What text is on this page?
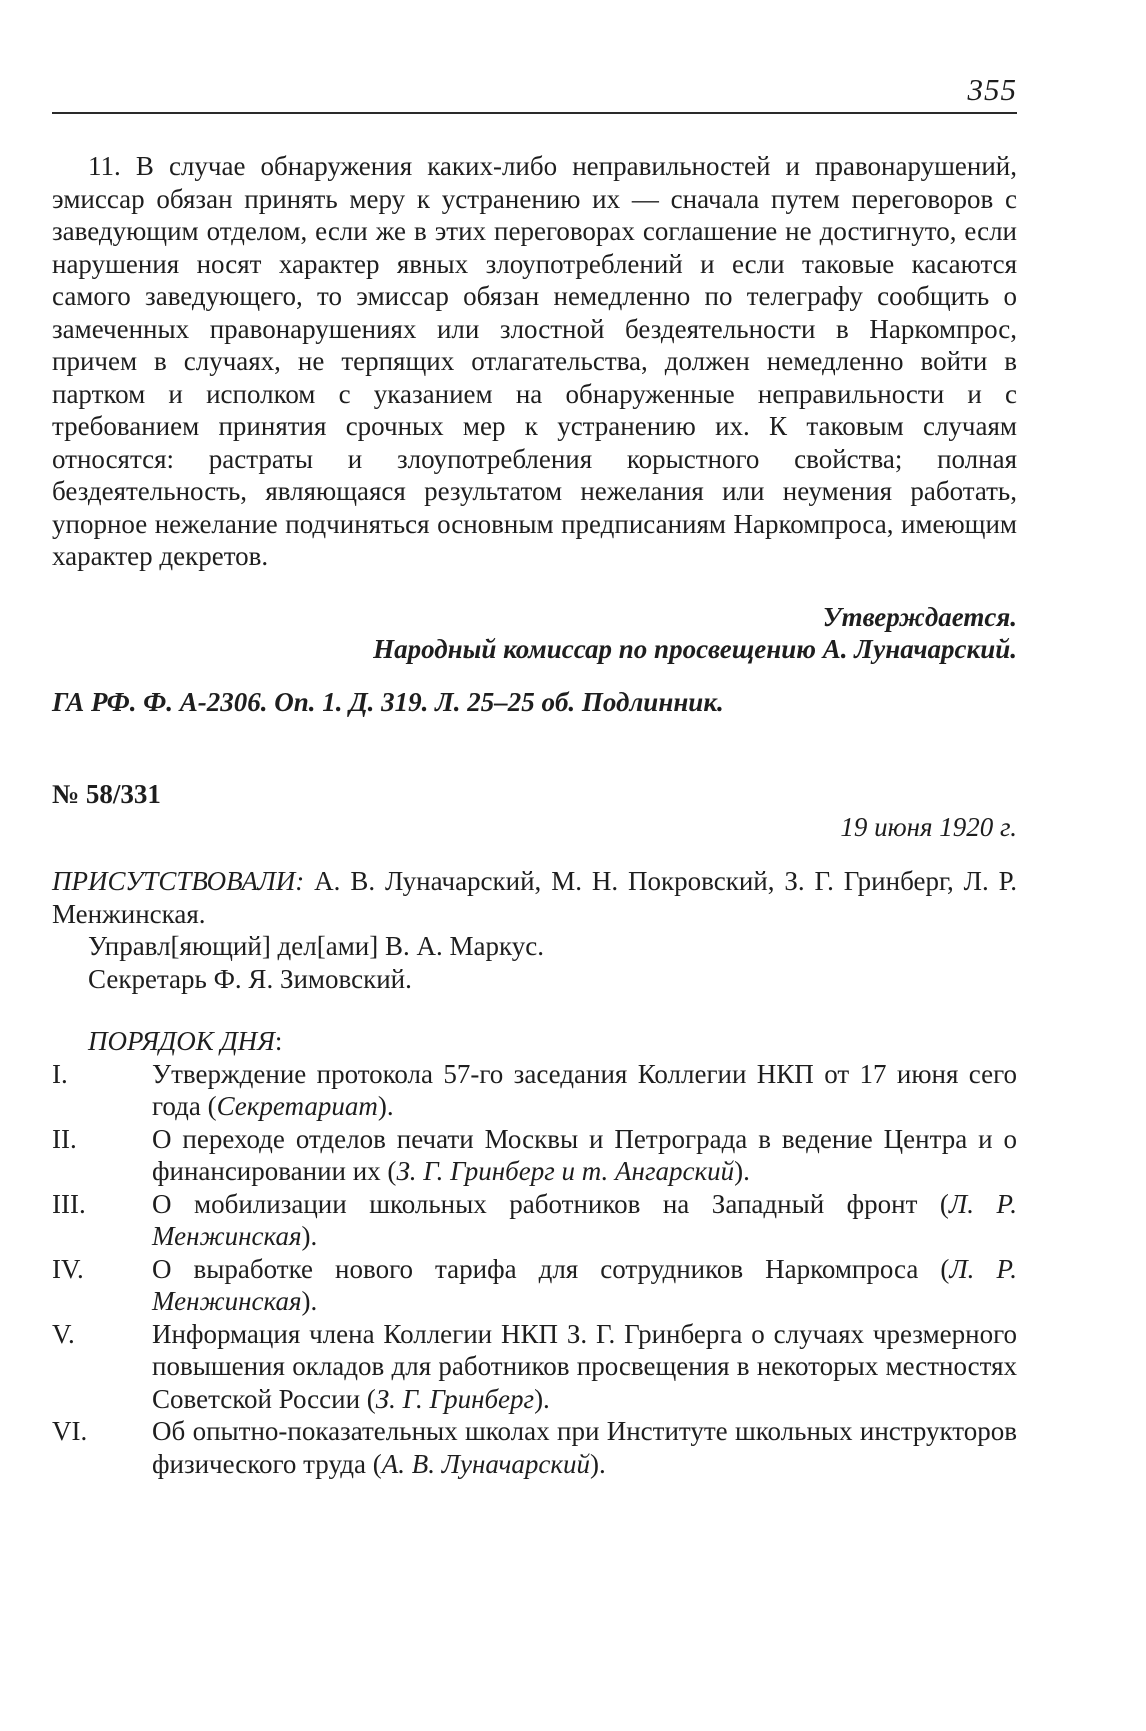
355

11. В случае обнаружения каких-либо неправильностей и правонарушений, эмиссар обязан принять меру к устранению их — сначала путем переговоров с заведующим отделом, если же в этих переговорах соглашение не достигнуто, если нарушения носят характер явных злоупотреблений и если таковые касаются самого заведующего, то эмиссар обязан немедленно по телеграфу сообщить о замеченных правонарушениях или злостной бездеятельности в Наркомпрос, причем в случаях, не терпящих отлагательства, должен немедленно войти в партком и исполком с указанием на обнаруженные неправильности и с требованием принятия срочных мер к устранению их. К таковым случаям относятся: растраты и злоупотребления корыстного свойства; полная бездеятельность, являющаяся результатом нежелания или неумения работать, упорное нежелание подчиняться основным предписаниям Наркомпроса, имеющим характер декретов.

Утверждается.

Народный комиссар по просвещению А. Луначарский.

ГА РФ. Ф. А-2306. Оп. 1. Д. 319. Л. 25–25 об. Подлинник.

№ 58/331

19 июня 1920 г.

ПРИСУТСТВОВАЛИ: А. В. Луначарский, М. Н. Покровский, З. Г. Гринберг, Л. Р. Менжинская.

Управл[яющий] дел[ами] В. А. Маркус.

Секретарь Ф. Я. Зимовский.

ПОРЯДОК ДНЯ:

I.	Утверждение протокола 57-го заседания Коллегии НКП от 17 июня сего года (Секретариат).
II.	О переходе отделов печати Москвы и Петрограда в ведение Центра и о финансировании их (З. Г. Гринберг и т. Ангарский).
III.	О мобилизации школьных работников на Западный фронт (Л. Р. Менжинская).
IV.	О выработке нового тарифа для сотрудников Наркомпроса (Л. Р. Менжинская).
V.	Информация члена Коллегии НКП З. Г. Гринберга о случаях чрезмерного повышения окладов для работников просвещения в некоторых местностях Советской России (З. Г. Гринберг).
VI.	Об опытно-показательных школах при Институте школьных инструкторов физического труда (А. В. Луначарский).
